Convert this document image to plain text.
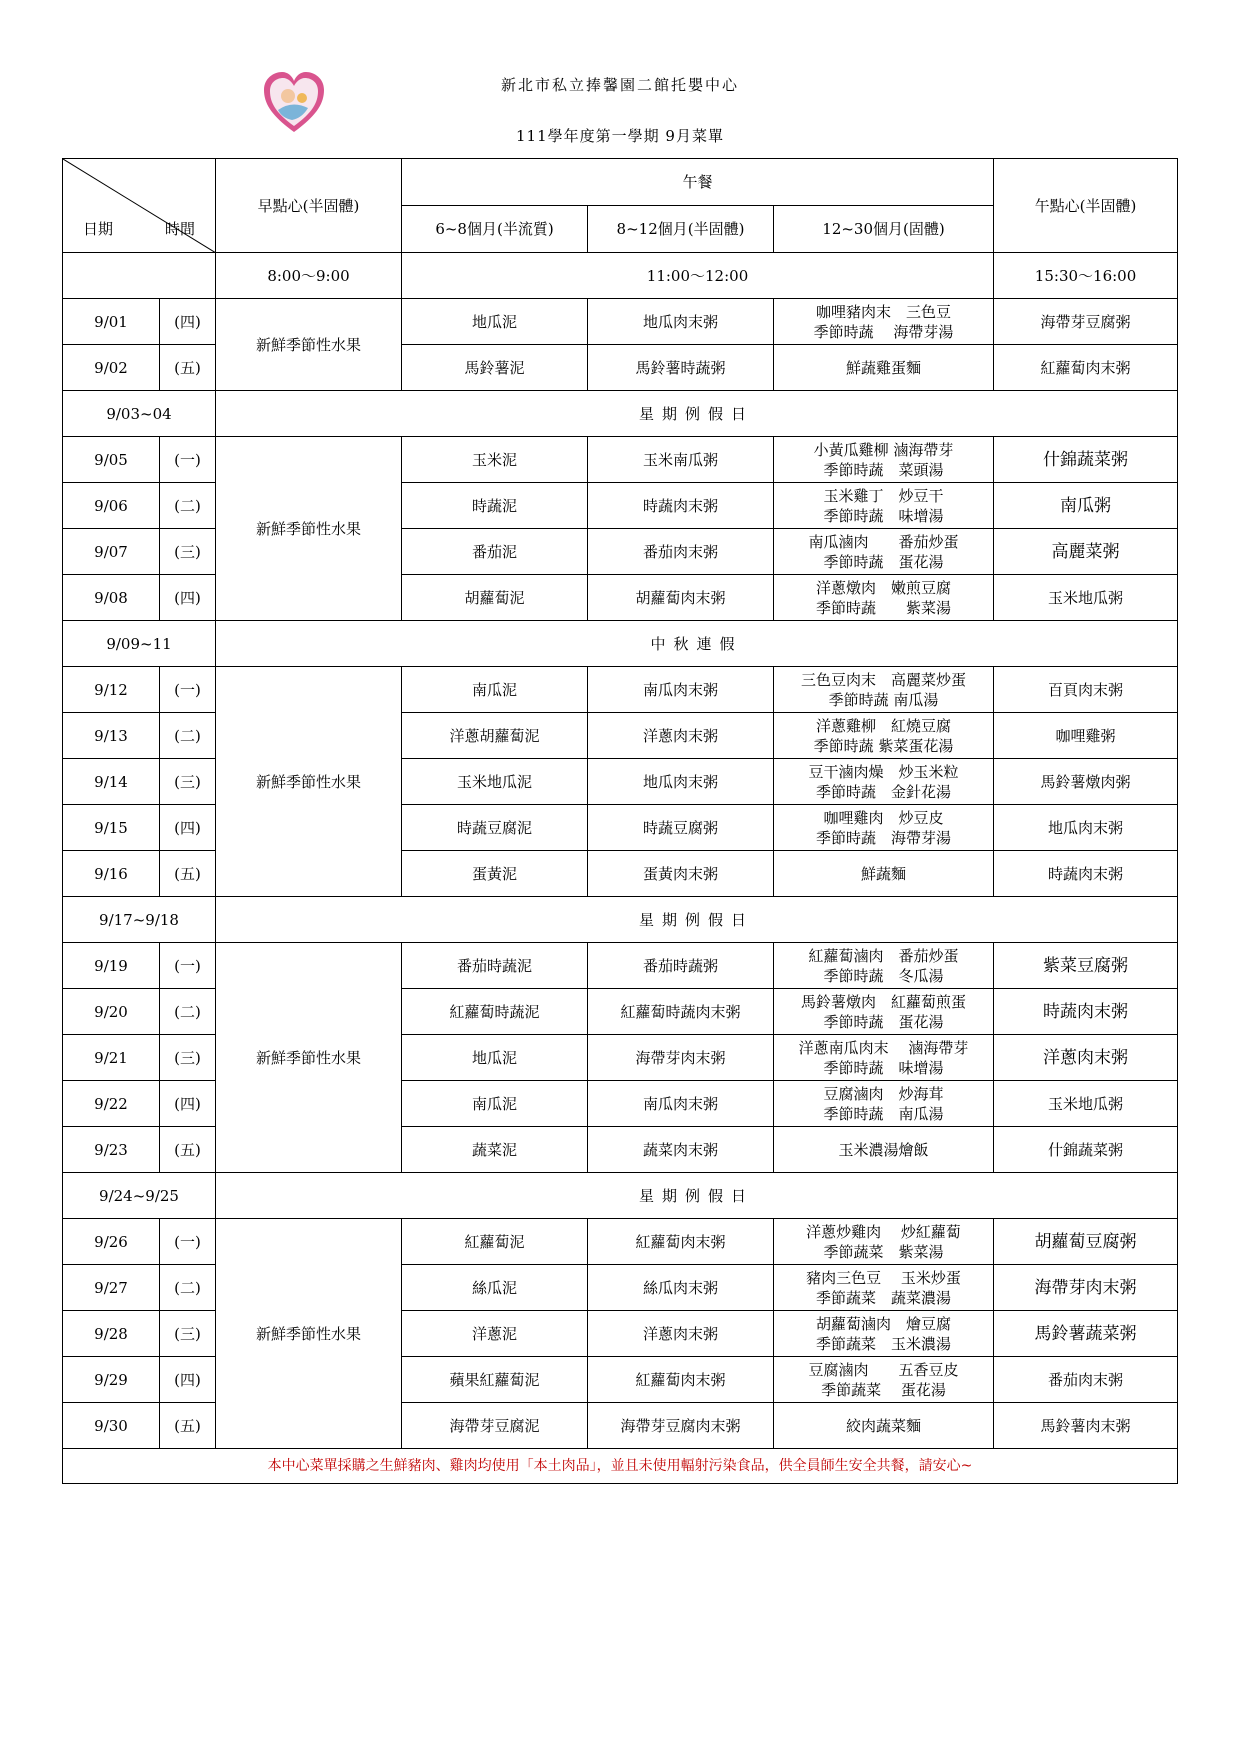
新北市私立捧馨園二館托嬰中心
111學年度第一學期 9月菜單
日期 時間		早點心(半固體)	午餐			午點心(半固體)
			6~8個月(半流質)	8~12個月(半固體)	12~30個月(固體)	
		8:00～9:00	11:00～12:00			15:30～16:00
9/01	(四)	新鮮季節性水果	地瓜泥	地瓜肉末粥	咖哩豬肉末　三色豆
季節時蔬　 海帶芽湯	海帶芽豆腐粥
9/02	(五)		馬鈴薯泥	馬鈴薯時蔬粥	鮮蔬雞蛋麵	紅蘿蔔肉末粥
9/03~04		星期例假日				
9/05	(一)	新鮮季節性水果	玉米泥	玉米南瓜粥	小黃瓜雞柳 滷海帶芽
季節時蔬　菜頭湯	什錦蔬菜粥
9/06	(二)		時蔬泥	時蔬肉末粥	玉米雞丁　炒豆干
季節時蔬　味增湯	南瓜粥
9/07	(三)		番茄泥	番茄肉末粥	南瓜滷肉　　番茄炒蛋
季節時蔬　蛋花湯	高麗菜粥
9/08	(四)		胡蘿蔔泥	胡蘿蔔肉末粥	洋蔥燉肉　嫩煎豆腐
季節時蔬　　紫菜湯	玉米地瓜粥
9/09~11		中秋連假				
9/12	(一)	新鮮季節性水果	南瓜泥	南瓜肉末粥	三色豆肉末　高麗菜炒蛋
季節時蔬 南瓜湯	百頁肉末粥
9/13	(二)		洋蔥胡蘿蔔泥	洋蔥肉末粥	洋蔥雞柳　紅燒豆腐
季節時蔬 紫菜蛋花湯	咖哩雞粥
9/14	(三)		玉米地瓜泥	地瓜肉末粥	豆干滷肉燥　炒玉米粒
季節時蔬　金針花湯	馬鈴薯燉肉粥
9/15	(四)		時蔬豆腐泥	時蔬豆腐粥	咖哩雞肉　炒豆皮
季節時蔬　海帶芽湯	地瓜肉末粥
9/16	(五)		蛋黃泥	蛋黃肉末粥	鮮蔬麵	時蔬肉末粥
9/17~9/18		星期例假日				
9/19	(一)	新鮮季節性水果	番茄時蔬泥	番茄時蔬粥	紅蘿蔔滷肉　番茄炒蛋
季節時蔬　冬瓜湯	紫菜豆腐粥
9/20	(二)		紅蘿蔔時蔬泥	紅蘿蔔時蔬肉末粥	馬鈴薯燉肉　紅蘿蔔煎蛋
季節時蔬　蛋花湯	時蔬肉末粥
9/21	(三)		地瓜泥	海帶芽肉末粥	洋蔥南瓜肉末　 滷海帶芽
季節時蔬　味增湯	洋蔥肉末粥
9/22	(四)		南瓜泥	南瓜肉末粥	豆腐滷肉　炒海茸
季節時蔬　南瓜湯	玉米地瓜粥
9/23	(五)		蔬菜泥	蔬菜肉末粥	玉米濃湯燴飯	什錦蔬菜粥
9/24~9/25		星期例假日				
9/26	(一)	新鮮季節性水果	紅蘿蔔泥	紅蘿蔔肉末粥	洋蔥炒雞肉　 炒紅蘿蔔
季節蔬菜　紫菜湯	胡蘿蔔豆腐粥
9/27	(二)		絲瓜泥	絲瓜肉末粥	豬肉三色豆　 玉米炒蛋
季節蔬菜　蔬菜濃湯	海帶芽肉末粥
9/28	(三)		洋蔥泥	洋蔥肉末粥	胡蘿蔔滷肉　燴豆腐
季節蔬菜　玉米濃湯	馬鈴薯蔬菜粥
9/29	(四)		蘋果紅蘿蔔泥	紅蘿蔔肉末粥	豆腐滷肉　　五香豆皮
季節蔬菜　 蛋花湯	番茄肉末粥
9/30	(五)		海帶芽豆腐泥	海帶芽豆腐肉末粥	絞肉蔬菜麵	馬鈴薯肉末粥
本中心菜單採購之生鮮豬肉、雞肉均使用「本土肉品」，並且未使用輻射污染食品，供全員師生安全共餐，請安心~						
